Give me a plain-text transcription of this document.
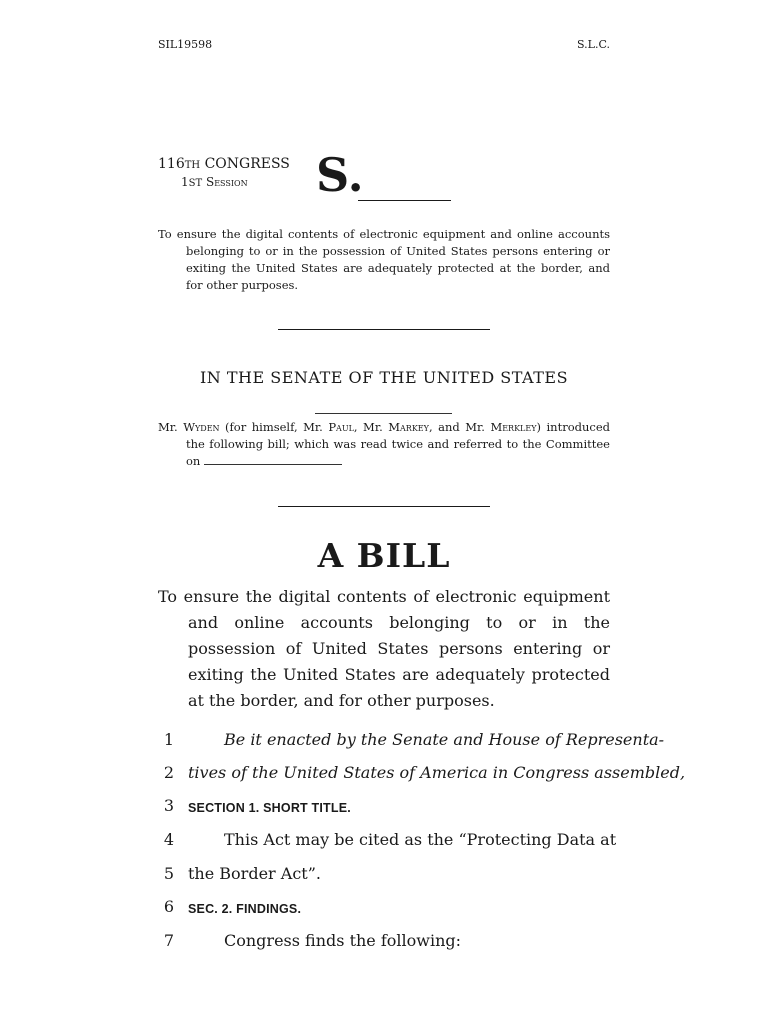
SIL19598	S.L.C.
116TH CONGRESS
1ST Session	S.
To ensure the digital contents of electronic equipment and online accounts belonging to or in the possession of United States persons entering or exiting the United States are adequately protected at the border, and for other purposes.
IN THE SENATE OF THE UNITED STATES
Mr. Wyden (for himself, Mr. Paul, Mr. Markey, and Mr. Merkley) introduced the following bill; which was read twice and referred to the Committee on
A BILL
To ensure the digital contents of electronic equipment and online accounts belonging to or in the possession of United States persons entering or exiting the United States are adequately protected at the border, and for other purposes.
1	Be it enacted by the Senate and House of Representa-
2 tives of the United States of America in Congress assembled,
3	SECTION 1. SHORT TITLE.
4	This Act may be cited as the “Protecting Data at
5 the Border Act”.
6	SEC. 2. FINDINGS.
7	Congress finds the following:
